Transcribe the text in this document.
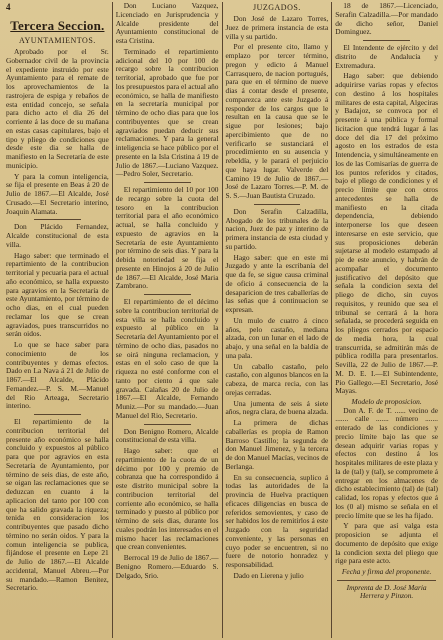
4
Tercera Seccion.
AYUNTAMIENTOS.

Aprobado por el Sr. Gobernador civil de la provincia el expediente instruido por este Ayuntamiento para el remate de los aprovechamientos de la rastrojera de espiga y rebaños de esta entidad concejo, se señala para dicho acto el dia 26 del corriente á las doce de su mañana en estas casas capitulares, bajo el tipo y pliego de condiciones que desde este dia se halla de manifiesto en la Secretaría de este municipio.

Y para la comun inteligencia, se fija el presente en Beas á 20 de Julio de 1867.—El Alcalde, José Crusado.—El Secretario interino, Joaquin Alamata.

Don Plácido Fernandez, Alcalde constitucional de esta villa.

Hago saber: que terminado el repartimiento de la contribucion territorial y pecuaria para el actual año económico, se halla expuesto para agravios en la Secretaría de este Ayuntamiento, por término de ocho dias, en el cual pueden reclamar los que se crean agraviados, pues transcurridos no serán oidos.

Lo que se hace saber para conocimiento de los contribuyentes y demas efectos. Dado en La Nava á 21 de Julio de 1867.—El Alcalde, Plácido Fernandez.—P. S. M.—Manuel del Rio Arteaga, Secretario interino.

El repartimiento de la contribucion territorial del presente año económico se halla concluido y expuestos al público para que por agravios en esta Secretaría de Ayuntamiento, por término de seis dias, de este año, se oigan las reclamaciones que se deduzcan en cuanto á la aplicacion del tanto por 100 con que ha salido gravada la riqueza; tenida en consideracion los contribuyentes que pasado dicho término no serán oidos. Y para la comun inteligencia se publica, fijándose el presente en Lepe 21 de Julio de 1867.—El Alcalde accidental, Manuel Abreu.—Por su mandado.—Ramon Benitez, Secretario.

Don Luciano Vazquez, Licenciado en Jurisprudencia y Alcalde presidente del Ayuntamiento constitucional de esta Cristina.

Terminado el repartimiento adicional del 10 por 100 de recargo sobre la contribucion territorial, aprobado que fue por los presupuestos para el actual año económico, se halla de manifiesto en la secretaría municipal por término de ocho dias para que los contribuyentes que se crean agraviados puedan deducir sus reclamaciones. Y para la general inteligencia se hace público por el presente en la Isla Cristina á 19 de Julio de 1867.—Luciano Vazquez.—Pedro Soler, Secretario.

El repartimiento del 10 por 100 de recargo sobre la cuota del tesoro en la contribucion territorial para el año económico actual, se halla concluido y expuesto de agravios en la Secretaría de este Ayuntamiento por término de seis dias. Y para la debida notoriedad se fija el presente en Hinojos á 20 de Julio de 1867.—El Alcalde, José Maria Zambrano.

El repartimiento de el décimo sobre la contribucion territorial de esta villa se halla concluido y expuesto al público en la Secretaría del Ayuntamiento por el término de ocho dias, pasados no se oirá ninguna reclamacion, y estas en el solo caso de que la riqueza no esté conforme con el tanto por ciento á que sale gravada. Calañas 20 de Julio de 1867.—El Alcalde, Fernando Muniz.—Por su mandado.—Juan Manuel del Rio, Secretario.

Don Benigno Romero, Alcalde constitucional de esta villa.

Hago saber: que el repartimiento de la cuota de un décimo por 100 y premio de cobranza que ha correspondido á este distrito municipal sobre la contribucion territorial del corriente año económico, se halla terminado y puesto al público por término de seis dias, durante los cuales podrán los interesados en el mismo hacer las reclamaciones que crean convenientes.

Berrocal 19 de Julio de 1867.—Benigno Romero.—Eduardo S. Delgado, Srio.

JUZGADOS.

Don José de Lazaro Torres, Juez de primera instancia de esta villa y su partido.

Por el presente cito, llamo y emplazo por tercer término, pregon y edicto á Manuel Carrasquero, de nacion portugués, para que en el término de nueve dias á contar desde el presente, comparezca ante este Juzgado á responder de los cargos que le resultan en la causa que se le sigue por lesiones; bajo apercibimiento que de no verificarlo se sustanciará el procedimiento en su ausencia y rebeldía, y le parará el perjuicio que haya lugar. Valverde del Camino 19 de Julio de 1867.—José de Lazaro Torres.—P. M. de S. S.—Juan Bautista Cruzado.

Don Serafin Calzadilla, Abogado de los tribunales de la nacion, Juez de paz y interino de primera instancia de esta ciudad y su partido.

Hago saber: que en este mi Juzgado y ante la escribanía del que da fe, se sigue causa criminal de oficio á consecuencia de la desaparicion de tres caballerías de las señas que á continuacion se expresan.

Un mulo de cuatro á cinco años, pelo castaño, mediana alzada, con un lunar en el lado de abajo, y una señal en la baldía de una pala.

Un caballo castaño, pelo castaño, con algunos blancos en la cabeza, de marca recia, con las orejas cerradas.

Una jumenta de seis á siete años, negra clara, de buena alzada.

La primera de dichas caballerías es propia de Ramon Barroso Castillo; la segunda de don Manuel Jimenez, y la tercera de don Manuel Macías, vecinos de Berlanga.

En su consecuencia, suplico á todas las autoridades de la provincia de Huelva practiquen eficaces diligencias en busca de referidos semovientes, y caso de ser habidos los de remitirlos á este Juzgado con la seguridad conveniente, y las personas en cuyo poder se encuentren, si no fuere de notorio honradez y responsabilidad.

Dado en Lierena y julio

18 de 1867.—Licenciado, Serafin Calzadilla.—Por mandado de dicho señor, Daniel Dominguez.

El Intendente de ejército y del distrito de Andalucía y Extremadura.

Hago saber: que debiendo adquirirse varias ropas y efectos con destino á los hospitales militares de esta capital, Algeciras y Badajoz, se convoca por el presente á una pública y formal licitacion que tendrá lugar á las doce del dia 17 del próximo agosto en los estrados de esta Intendencia, y simultáneamente en los de las Comisarías de guerra de los puntos referidos y citados, bajo el pliego de condiciones y el precio límite que con otros antecedentes se halla de manifiesto en la citada dependencia, debiendo interponerse los que deseen interesarse en este servicio, que sus proposiciones deberán sujetarse al modelo estampado al pie de este anuncio, y habrán de acompañar el documento justificativo del depósito que señala la condicion sexta del pliego de dicho, sin cuyos requisitos, y reunido que sea el tribunal se cerrará á la hora señalada, se procederá seguida en los pliegos cerrados por espacio de media hora, la cual transcurrida, se admitirán más de pública rodilla para presentarlos. Sevilla, 22 de Julio de 1867.—P. M. D. E. I.—El Subintendente, Pio Gallego.—El Secretario, José Mayas.

Modelo de proposicion.

Don A. F. de T. ...... vecino de ....... calle ....... número ....... enterado de las condiciones y precio límite bajo las que se desean adquirir varias ropas y efectos con destino á los hospitales militares de este plaza y la de (tal) y (tal), se compromete á entregar en los almacenes de dicho establecimiento (tal) de (tal) calidad, los ropas y efectos que á los (0 al) mismo se señala en el precio límite que se les ha fijado.

Y para que así valga esta proposicion se adjunta el documento de depósito que exige la condicion sexta del pliego que rige para este acto.

Fecha y firma del proponente.
Imprenta de D. José Maria Herrera y Pinzon.
